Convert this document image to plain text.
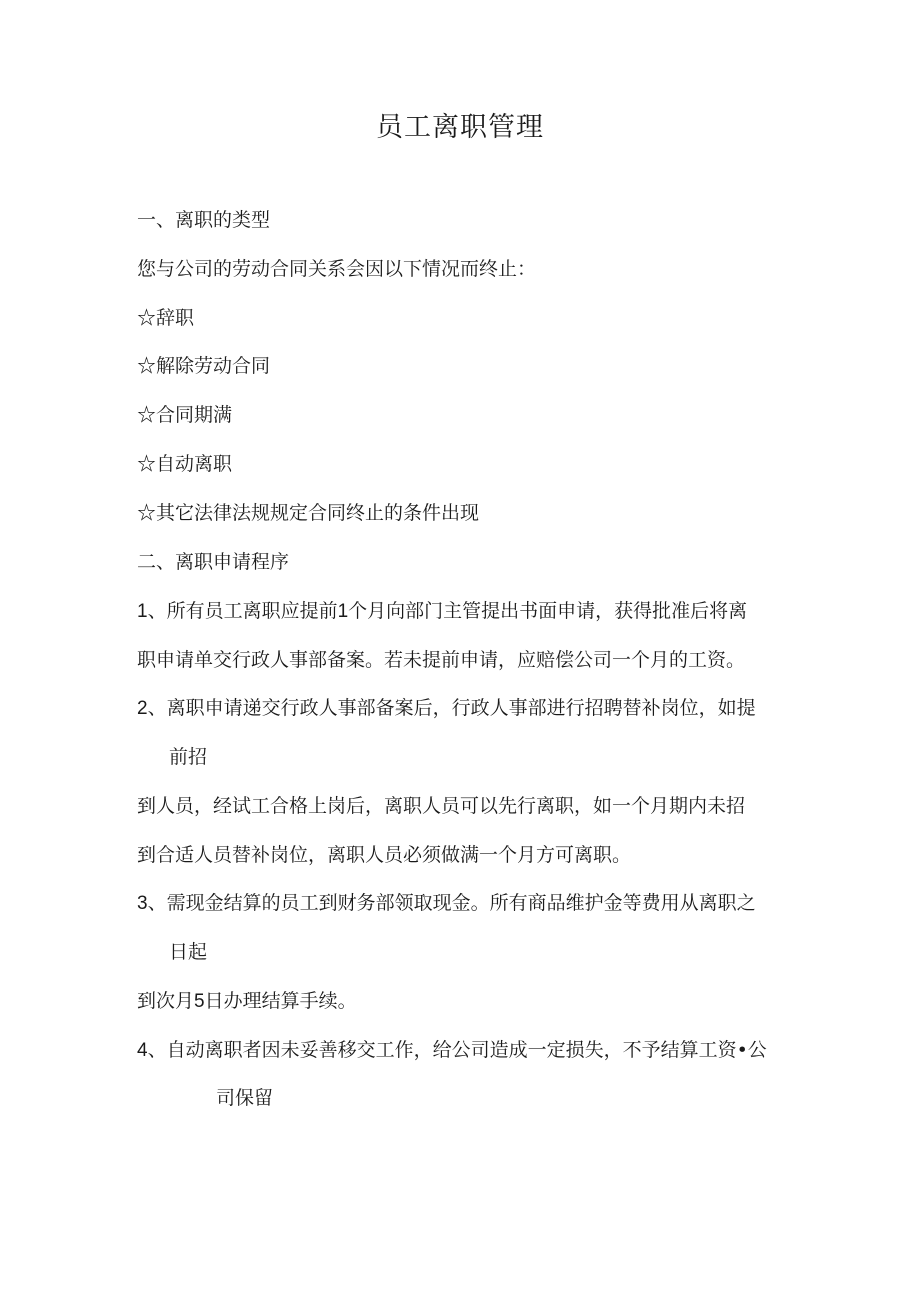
员工离职管理
一、离职的类型
您与公司的劳动合同关系会因以下情况而终止：
☆辞职
☆解除劳动合同
☆合同期满
☆自动离职
☆其它法律法规规定合同终止的条件出现
二、离职申请程序
1、所有员工离职应提前1个月向部门主管提出书面申请，获得批准后将离
职申请单交行政人事部备案。若未提前申请，应赔偿公司一个月的工资。
2、离职申请递交行政人事部备案后，行政人事部进行招聘替补岗位，如提
前招
到人员，经试工合格上岗后，离职人员可以先行离职，如一个月期内未招
到合适人员替补岗位，离职人员必须做满一个月方可离职。
3、需现金结算的员工到财务部领取现金。所有商品维护金等费用从离职之
日起
到次月5日办理结算手续。
4、自动离职者因未妥善移交工作，给公司造成一定损失，不予结算工资•公
司保留
